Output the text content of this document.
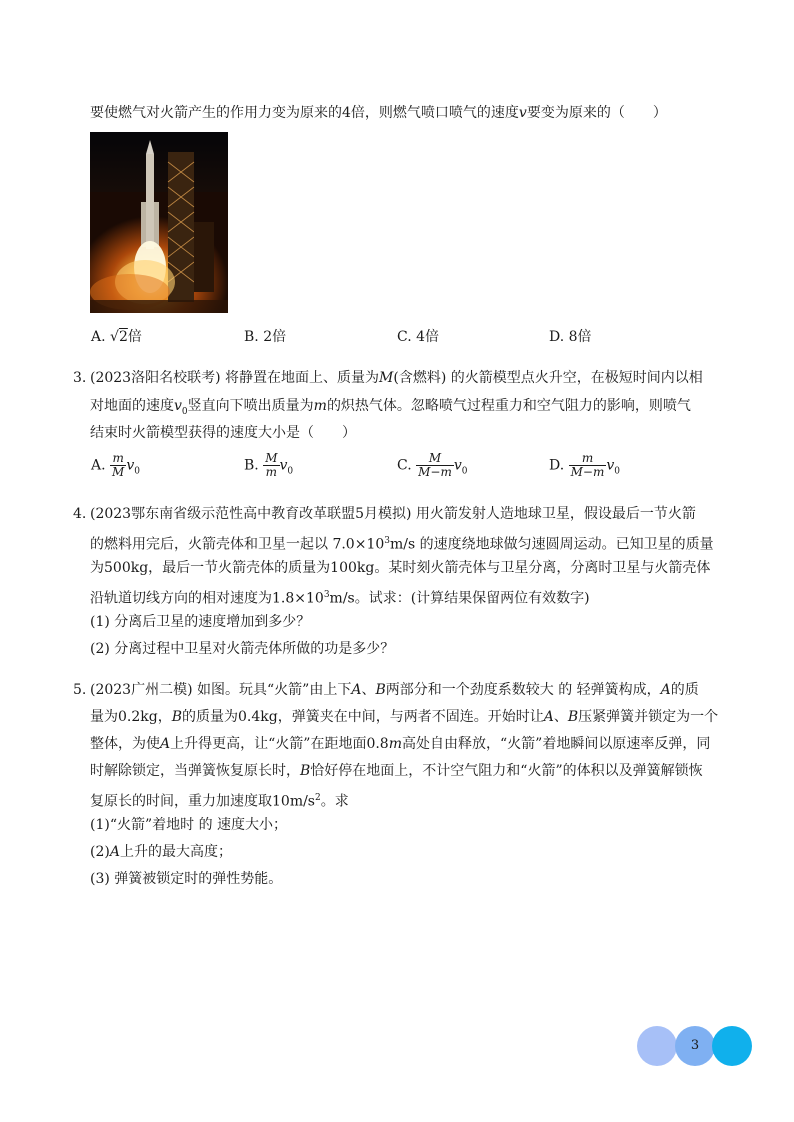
要使燃气对火箭产生的作用力变为原来的4倍，则燃气喷口喷气的速度v要变为原来的（　　）
A. √2倍	B. 2倍	C. 4倍	D. 8倍
3. (2023洛阳名校联考) 将静置在地面上、质量为M(含燃料) 的火箭模型点火升空，在极短时间内以相
对地面的速度$v_0$竖直向下喷出质量为m的炽热气体。忽略喷气过程重力和空气阻力的影响，则喷气
结束时火箭模型获得的速度大小是（　　）
A. $\frac{m}{M} v_0$	B. $\frac{M}{m} v_0$	C. $\frac{M}{M-m} v_0$	D. $\frac{m}{M-m} v_0$
4. (2023鄂东南省级示范性高中教育改革联盟5月模拟) 用火箭发射人造地球卫星，假设最后一节火箭
的燃料用完后，火箭壳体和卫星一起以 $7.0\times 10^3m/s$ 的速度绕地球做匀速圆周运动。已知卫星的质量
为500kg，最后一节火箭壳体的质量为100kg。某时刻火箭壳体与卫星分离，分离时卫星与火箭壳体
沿轨道切线方向的相对速度为$1.8\times 10^3m/s$。试求：(计算结果保留两位有效数字)
(1) 分离后卫星的速度增加到多少？
(2) 分离过程中卫星对火箭壳体所做的功是多少？
5. (2023广州二模) 如图。玩具“火箭”由上下A、B两部分和一个劲度系数较大 的 轻弹簧构成，A的质
量为0.2kg，B的质量为0.4kg，弹簧夹在中间，与两者不固连。开始时让A、B压紧弹簧并锁定为一个
整体，为使A上升得更高，让“火箭”在距地面0.8m高处自由释放，“火箭”着地瞬间以原速率反弹，同
时解除锁定，当弹簧恢复原长时，B恰好停在地面上，不计空气阻力和“火箭”的体积以及弹簧解锁恢
复原长的时间，重力加速度取$10m/s^2$。求
(1)“火箭”着地时 的 速度大小；
(2)A上升的最大高度；
(3) 弹簧被锁定时的弹性势能。
3
